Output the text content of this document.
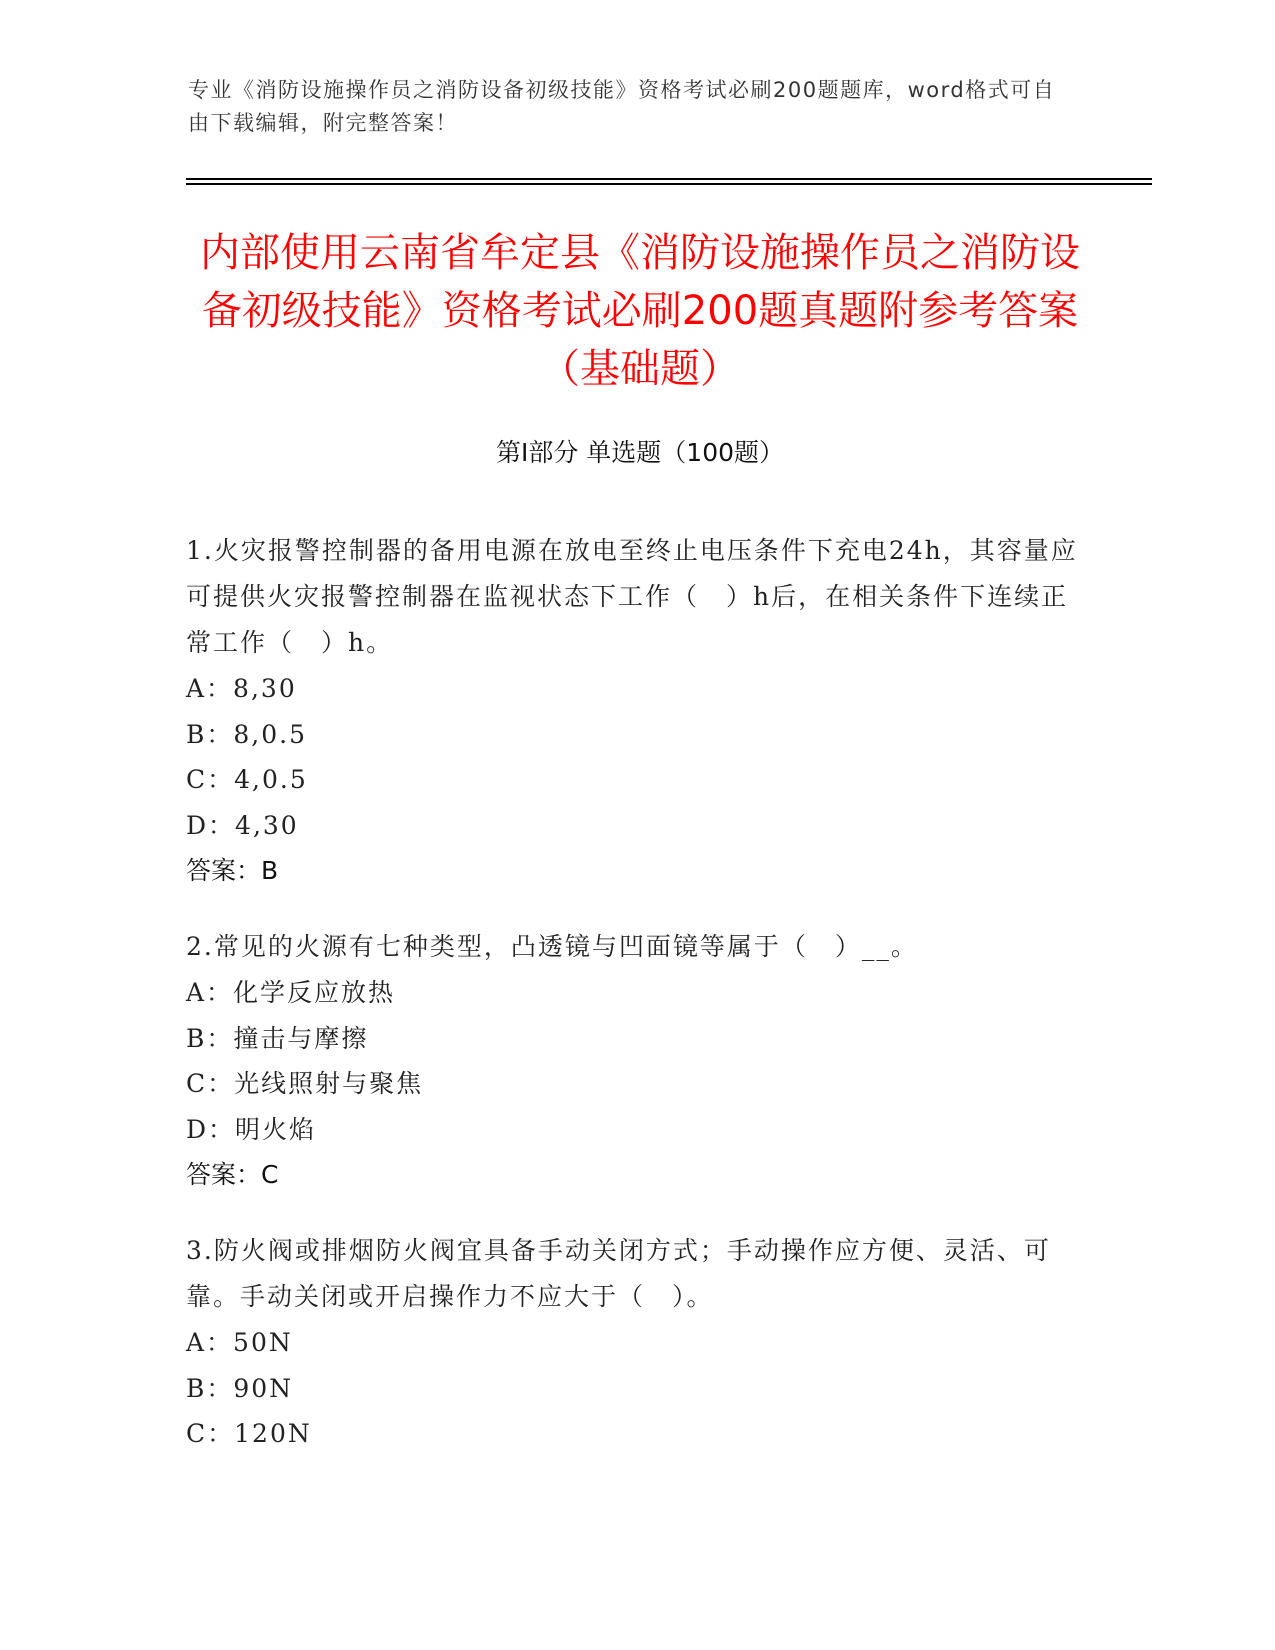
专业《消防设施操作员之消防设备初级技能》资格考试必刷200题题库，word格式可自由下载编辑，附完整答案！
内部使用云南省牟定县《消防设施操作员之消防设备初级技能》资格考试必刷200题真题附参考答案（基础题）
第Ⅰ部分 单选题（100题）
1.火灾报警控制器的备用电源在放电至终止电压条件下充电24h，其容量应可提供火灾报警控制器在监视状态下工作（　）h后，在相关条件下连续正常工作（　）h。
A：8,30
B：8,0.5
C：4,0.5
D：4,30
答案：B
2.常见的火源有七种类型，凸透镜与凹面镜等属于（　）__。
A：化学反应放热
B：撞击与摩擦
C：光线照射与聚焦
D：明火焰
答案：C
3.防火阀或排烟防火阀宜具备手动关闭方式；手动操作应方便、灵活、可靠。手动关闭或开启操作力不应大于（　）。
A：50N
B：90N
C：120N
